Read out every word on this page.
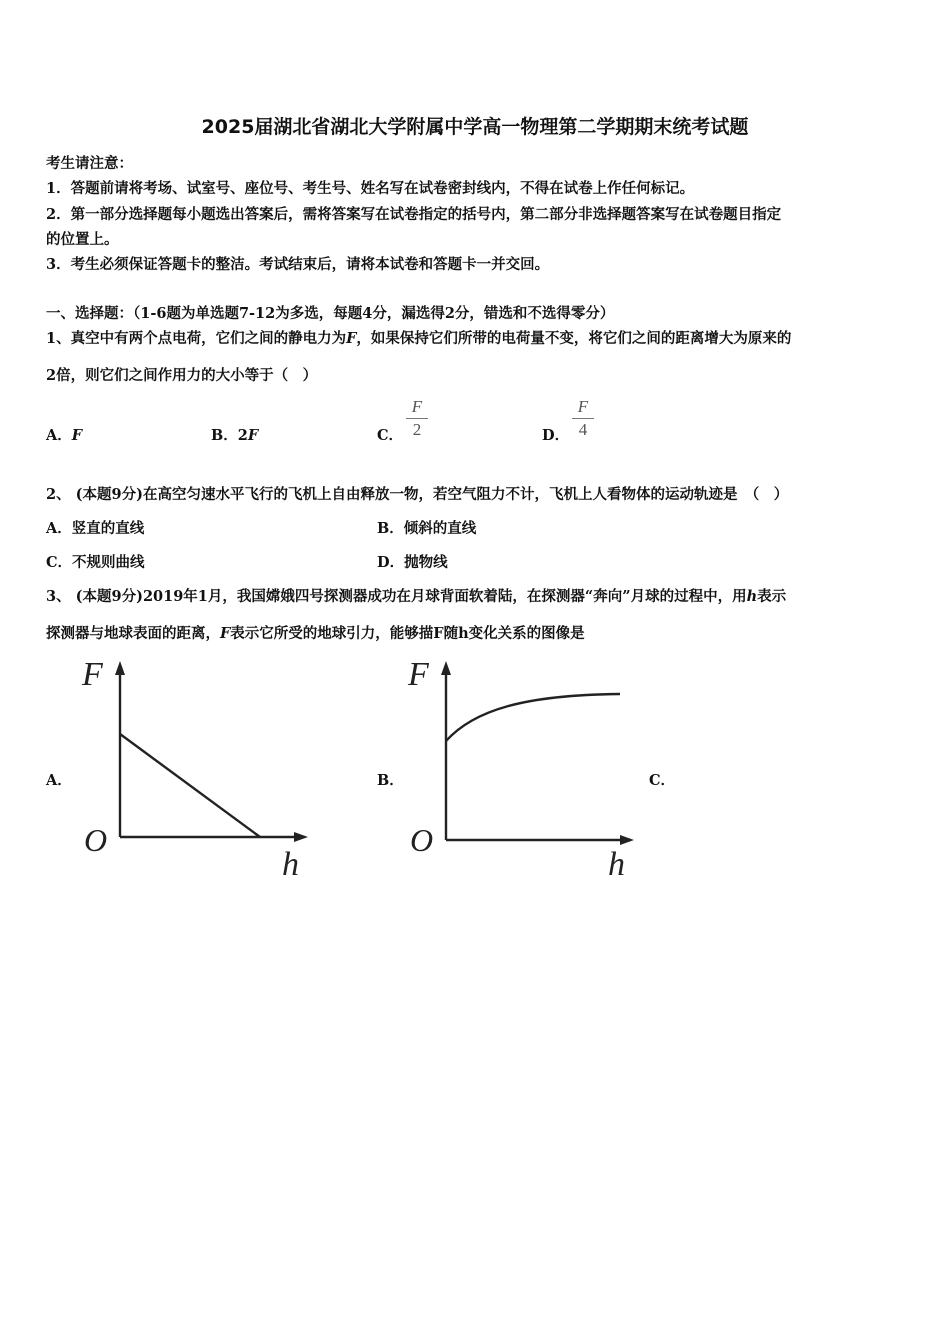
2025届湖北省湖北大学附属中学高一物理第二学期期末统考试题
考生请注意：
1．答题前请将考场、试室号、座位号、考生号、姓名写在试卷密封线内，不得在试卷上作任何标记。
2．第一部分选择题每小题选出答案后，需将答案写在试卷指定的括号内，第二部分非选择题答案写在试卷题目指定
的位置上。
3．考生必须保证答题卡的整洁。考试结束后，请将本试卷和答题卡一并交回。
一、选择题：（1-6题为单选题7-12为多选，每题4分，漏选得2分，错选和不选得零分）
1、真空中有两个点电荷，它们之间的静电力为F，如果保持它们所带的电荷量不变，将它们之间的距离增大为原来的
2倍，则它们之间作用力的大小等于（　）
A．F	B．2F	C．
F
2	D．
F
4
2、 (本题9分)在高空匀速水平飞行的飞机上自由释放一物，若空气阻力不计，飞机上人看物体的运动轨迹是　（　）
A．竖直的直线	B．倾斜的直线
C．不规则曲线	D．抛物线
3、 (本题9分)2019年1月，我国嫦娥四号探测器成功在月球背面软着陆，在探测器“奔向”月球的过程中，用h表示
探测器与地球表面的距离，F表示它所受的地球引力，能够描F随h变化关系的图像是
A．	B．	C．
F
h
O
F
h
O
